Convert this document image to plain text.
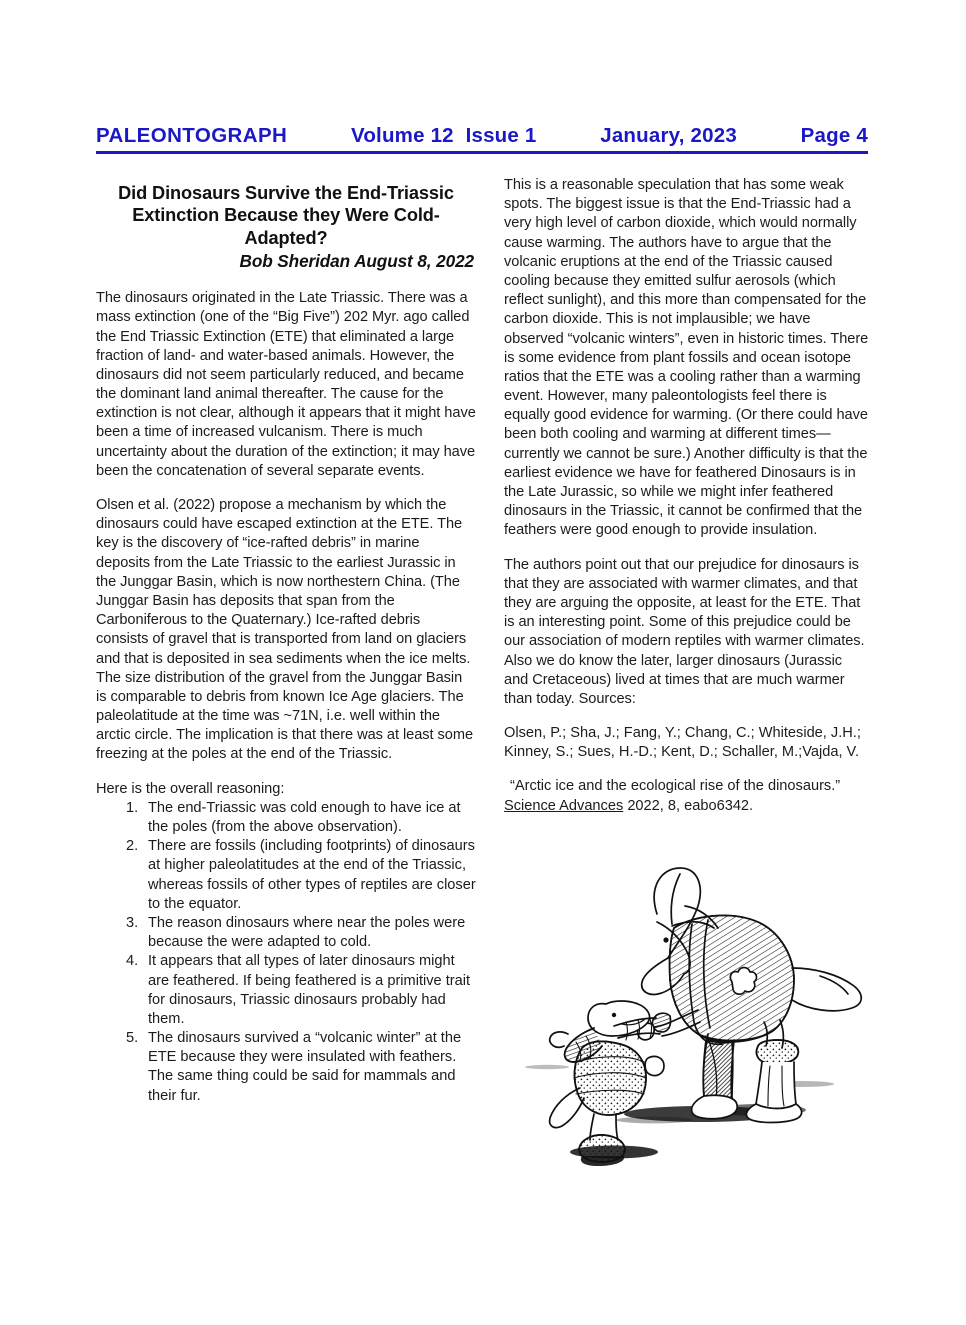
PALEONTOGRAPH	Volume 12  Issue 1	January, 2023	Page 4
Did Dinosaurs Survive the End-Triassic Extinction Because they Were Cold-Adapted?
Bob Sheridan August 8, 2022

The dinosaurs originated in the Late Triassic. There was a mass extinction (one of the “Big Five”) 202 Myr. ago called the End Triassic Extinction (ETE) that eliminated a large fraction of land- and water-based animals. However, the dinosaurs did not seem particularly reduced, and became the dominant land animal thereafter. The cause for the extinction is not clear, although it appears that it might have been a time of increased vulcanism. There is much uncertainty about the duration of the extinction; it may have been the concatenation of several separate events.

Olsen et al. (2022) propose a mechanism by which the dinosaurs could have escaped extinction at the ETE. The key is the discovery of “ice-rafted debris” in marine deposits from the Late Triassic to the earliest Jurassic in the Junggar Basin, which is now northestern China. (The Junggar Basin has deposits that span from the Carboniferous to the Quaternary.) Ice-rafted debris consists of gravel that is transported from land on glaciers and that is deposited in sea sediments when the ice melts. The size distribution of the gravel from the Junggar Basin is comparable to debris from known Ice Age glaciers. The paleolatitude at the time was ~71N, i.e. well within the arctic circle. The implication is that there was at least some freezing at the poles at the end of the Triassic.

Here is the overall reasoning:

The end-Triassic was cold enough to have ice at the poles (from the above observation).
There are fossils (including footprints) of dinosaurs at higher paleolatitudes at the end of the Triassic, whereas fossils of other types of reptiles are closer to the equator.
The reason dinosaurs where near the poles were because the were adapted to cold.
It appears that all types of later dinosaurs might are feathered. If being feathered is a primitive trait for dinosaurs, Triassic dinosaurs probably had them.
The dinosaurs survived a “volcanic winter” at the ETE because they were insulated with feathers. The same thing could be said for mammals and their fur.

This is a reasonable speculation that has some weak spots. The biggest issue is that the End-Triassic had a very high level of carbon dioxide, which would normally cause warming. The authors have to argue that the volcanic eruptions at the end of the Triassic caused cooling because they emitted sulfur aerosols (which reflect sunlight), and this more than compensated for the carbon dioxide. This is not implausible; we have observed “volcanic winters”, even in historic times. There is some evidence from plant fossils and ocean isotope ratios that the ETE was a cooling rather than a warming event. However, many paleontologists feel there is equally good evidence for warming. (Or there could have been both cooling and warming at different times—currently we cannot be sure.) Another difficulty is that the earliest evidence we have for feathered Dinosaurs is in the Late Jurassic, so while we might infer feathered dinosaurs in the Triassic, it cannot be confirmed that the feathers were good enough to provide insulation.

The authors point out that our prejudice for dinosaurs is that they are associated with warmer climates, and that they are arguing the opposite, at least for the ETE. That is an interesting point. Some of this prejudice could be our association of modern reptiles with warmer climates. Also we do know the later, larger dinosaurs (Jurassic and Cretaceous) lived at times that are much warmer than today. Sources:

Olsen, P.; Sha, J.; Fang, Y.; Chang, C.; Whiteside, J.H.; Kinney, S.; Sues, H.-D.; Kent, D.; Schaller, M.;Vajda, V.

“Arctic ice and the ecological rise of the dinosaurs.”
Science Advances 2022, 8, eabo6342.
